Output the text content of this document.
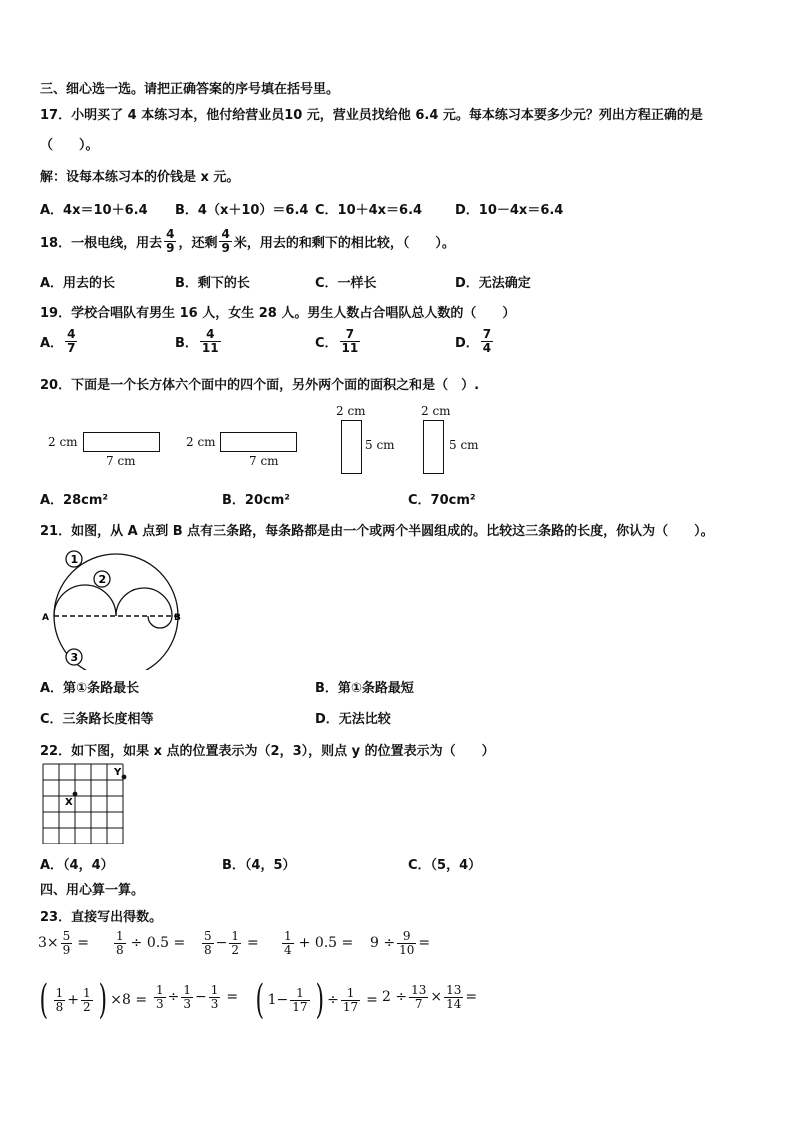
三、细心选一选。请把正确答案的序号填在括号里。
17．小明买了 4 本练习本，他付给营业员10 元，营业员找给他 6.4 元。每本练习本要多少元？列出方程正确的是
（　　）。
解：设每本练习本的价钱是 x 元。
A．4x＝10＋6.4 B．4（x＋10）＝6.4 C．10＋4x＝6.4	D．10－4x＝6.4
18．一根电线，用去 $\frac{4}{9}$ ，还剩 $\frac{4}{9}$ 米，用去的和剩下的相比较，（　　）。
A．用去的长	B．剩下的长	C．一样长	D．无法确定
19．学校合唱队有男生 16 人，女生 28 人。男生人数占合唱队总人数的（　　）
A． $\frac{4}{7}$	B． $\frac{4}{11}$	C． $\frac{7}{11}$	D． $\frac{7}{4}$
20．下面是一个长方体六个面中的四个面，另外两个面的面积之和是（　）.
2 cm
7 cm
2 cm
7 cm
2 cm
5 cm
2 cm
5 cm
A．28cm²	B．20cm²	C．70cm²
21．如图，从 A 点到 B 点有三条路，每条路都是由一个或两个半圆组成的。比较这三条路的长度，你认为（　　）。
A	B
1
2
3
A．第①条路最长	B．第①条路最短
C．三条路长度相等	D．无法比较
22．如下图，如果 x 点的位置表示为（2，3），则点 y 的位置表示为（　　）
X
Y
A．（4，4）	B．（4，5）	C．（5，4）
四、用心算一算。
23．直接写出得数。
$3\times \frac{5}{9} = \frac{1}{8} \div 0.5 = \frac{5}{8} - \frac{1}{2} = \frac{1}{4} + 0.5 = 9 \div \frac{9}{10}$ =
( $\frac{1}{8} + \frac{1}{2}$ ) $\times 8 = \frac{1}{3} \div \frac{1}{3} - \frac{1}{3}$ = ( $1- \frac{1}{17}$ ) ÷ $\frac{1}{17} = 2 \div \frac{13}{7} \times \frac{13}{14}$ =
